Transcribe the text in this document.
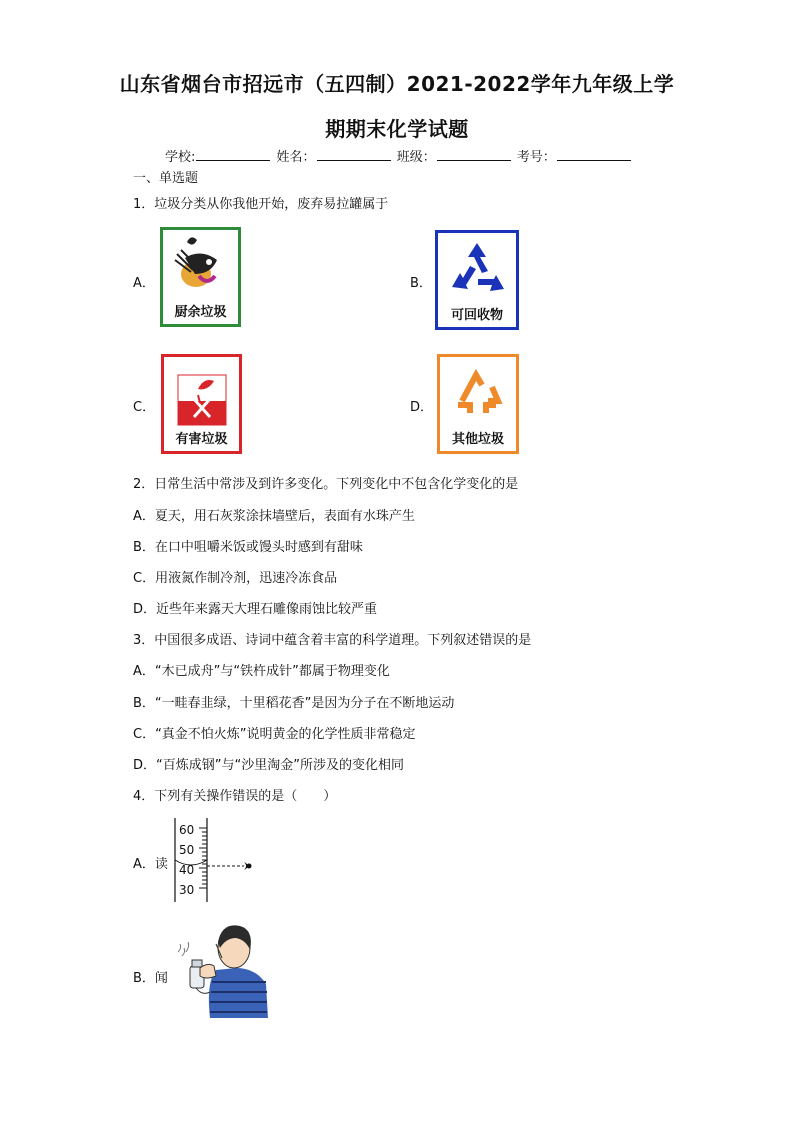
山东省烟台市招远市（五四制）2021-2022学年九年级上学
期期末化学试题
学校:	姓名：	班级：	考号：
一、单选题
1．垃圾分类从你我他开始，废弃易拉罐属于
A．
厨余垃圾
B．
可回收物
C．
有害垃圾
D．
其他垃圾
2．日常生活中常涉及到许多变化。下列变化中不包含化学变化的是
A．夏天，用石灰浆涂抹墙壁后，表面有水珠产生
B．在口中咀嚼米饭或馒头时感到有甜味
C．用液氮作制冷剂，迅速冷冻食品
D．近些年来露天大理石雕像雨蚀比较严重
3．中国很多成语、诗词中蕴含着丰富的科学道理。下列叙述错误的是
A．“木已成舟”与“铁杵成针”都属于物理变化
B．“一畦春韭绿，十里稻花香”是因为分子在不断地运动
C．“真金不怕火炼”说明黄金的化学性质非常稳定
D．“百炼成钢”与“沙里淘金”所涉及的变化相同
4．下列有关操作错误的是（　　）
A．读
60
50
40
30
B．闻
